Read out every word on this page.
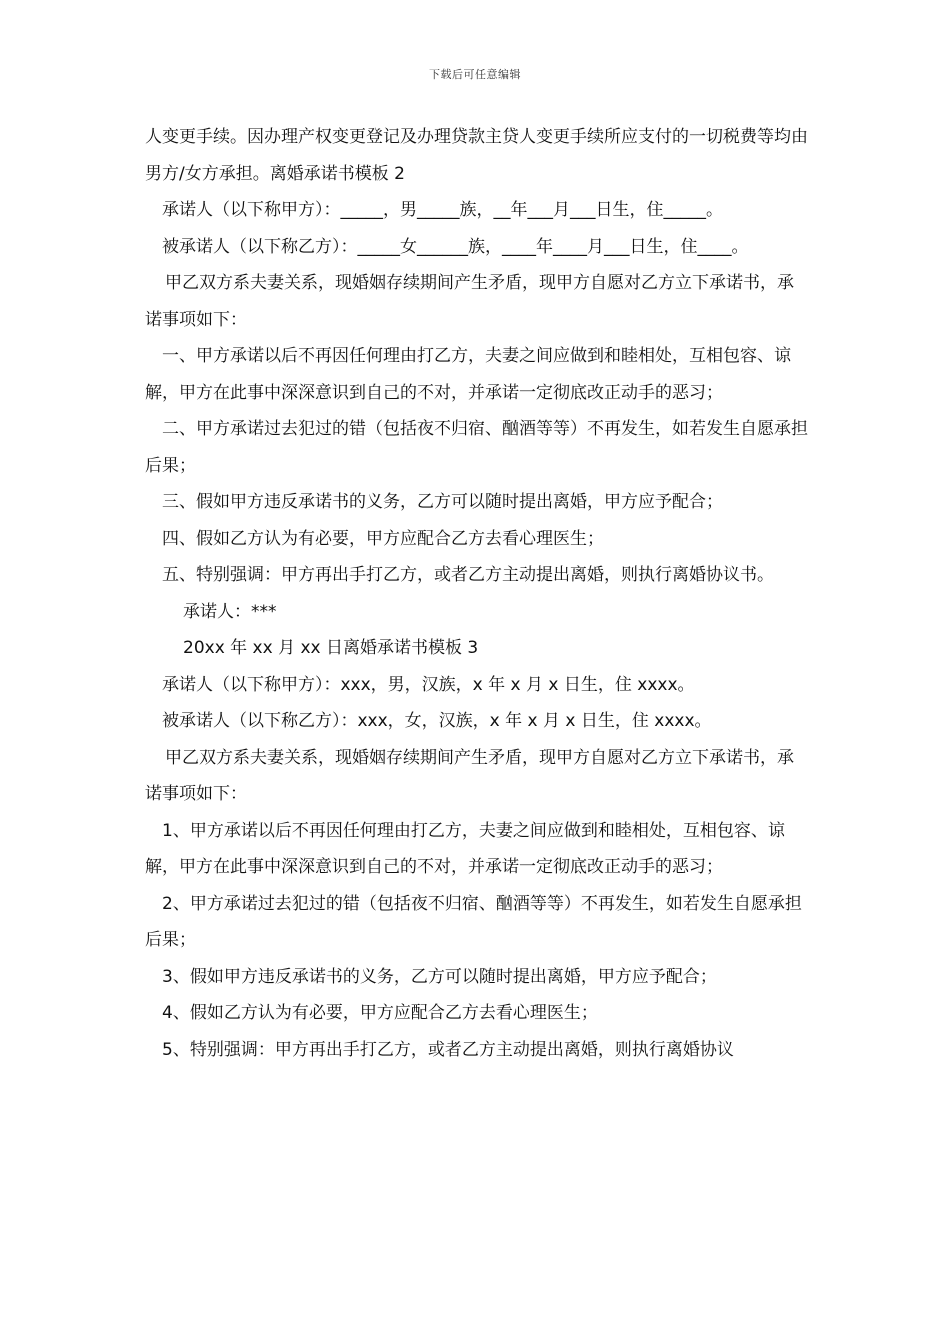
下载后可任意编辑

人变更手续。因办理产权变更登记及办理贷款主贷人变更手续所应支付的一切税费等均由男方/女方承担。离婚承诺书模板 2

承诺人（以下称甲方）：_____，男_____族，__年___月___日生，住_____。

被承诺人（以下称乙方）：_____女______族，____年____月___日生，住____。

甲乙双方系夫妻关系，现婚姻存续期间产生矛盾，现甲方自愿对乙方立下承诺书，承诺事项如下：

一、甲方承诺以后不再因任何理由打乙方，夫妻之间应做到和睦相处，互相包容、谅解，甲方在此事中深深意识到自己的不对，并承诺一定彻底改正动手的恶习；

二、甲方承诺过去犯过的错（包括夜不归宿、酗酒等等）不再发生，如若发生自愿承担后果；

三、假如甲方违反承诺书的义务，乙方可以随时提出离婚，甲方应予配合；

四、假如乙方认为有必要，甲方应配合乙方去看心理医生；

五、特别强调：甲方再出手打乙方，或者乙方主动提出离婚，则执行离婚协议书。

承诺人：***

20xx 年 xx 月 xx 日离婚承诺书模板 3

承诺人（以下称甲方）：xxx，男，汉族，x 年 x 月 x 日生，住 xxxx。

被承诺人（以下称乙方）：xxx，女，汉族，x 年 x 月 x 日生，住 xxxx。

甲乙双方系夫妻关系，现婚姻存续期间产生矛盾，现甲方自愿对乙方立下承诺书，承诺事项如下：

1、甲方承诺以后不再因任何理由打乙方，夫妻之间应做到和睦相处，互相包容、谅解，甲方在此事中深深意识到自己的不对，并承诺一定彻底改正动手的恶习；

2、甲方承诺过去犯过的错（包括夜不归宿、酗酒等等）不再发生，如若发生自愿承担后果；

3、假如甲方违反承诺书的义务，乙方可以随时提出离婚，甲方应予配合；

4、假如乙方认为有必要，甲方应配合乙方去看心理医生；

5、特别强调：甲方再出手打乙方，或者乙方主动提出离婚，则执行离婚协议
